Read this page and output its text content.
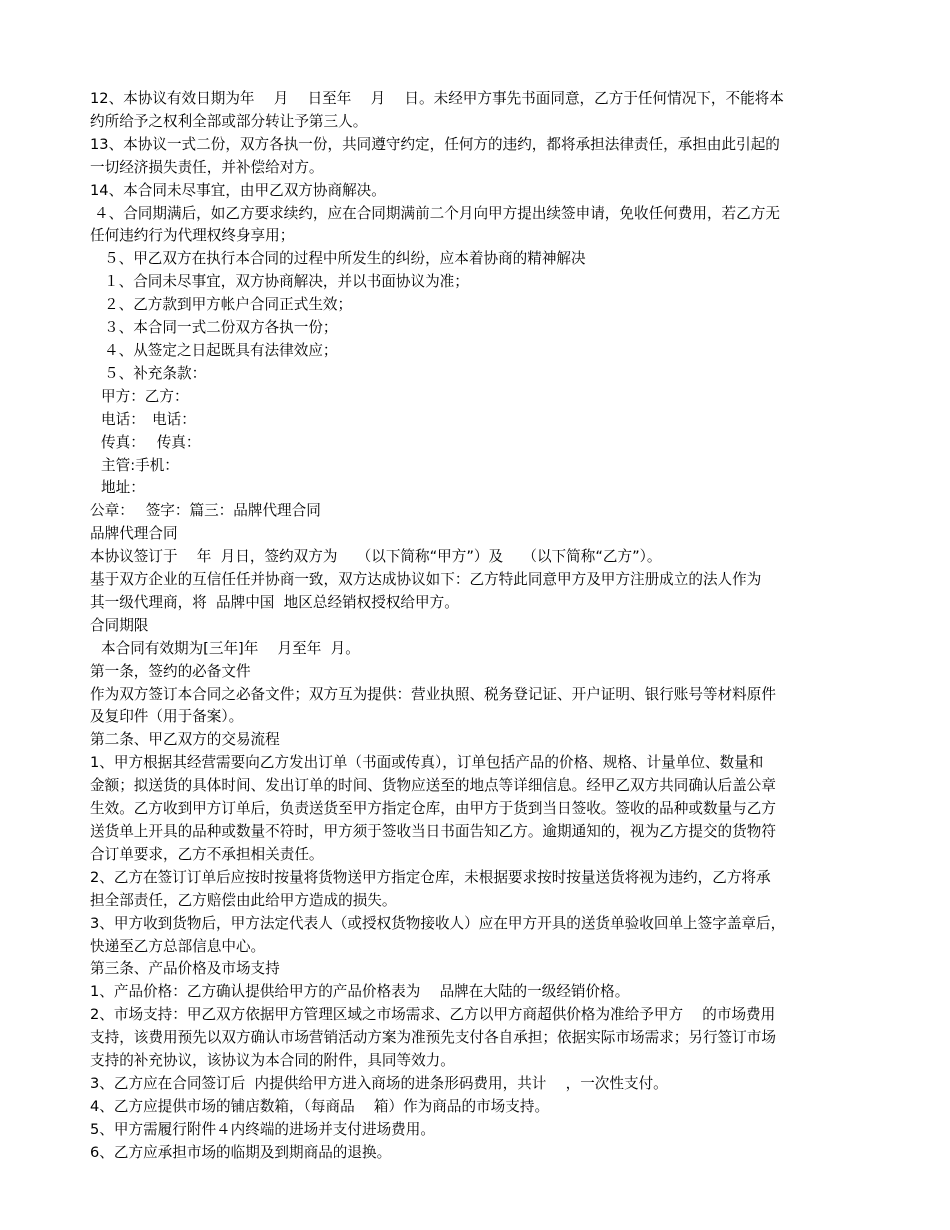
12、本协议有效日期为年　 月　 日至年　 月　 日。未经甲方事先书面同意，乙方于任何情况下，不能将本
约所给予之权利全部或部分转让予第三人。
13、本协议一式二份，双方各执一份，共同遵守约定，任何方的违约，都将承担法律责任，承担由此引起的
一切经济损失责任，并补偿给对方。
14、本合同未尽事宜，由甲乙双方协商解决。
４、合同期满后，如乙方要求续约，应在合同期满前二个月向甲方提出续签申请，免收任何费用，若乙方无
任何违约行为代理权终身享用；
５、甲乙双方在执行本合同的过程中所发生的纠纷，应本着协商的精神解决
１、合同未尽事宜，双方协商解决，并以书面协议为准；
２、乙方款到甲方帐户合同正式生效；
３、本合同一式二份双方各执一份；
４、从签定之日起既具有法律效应；
５、补充条款：
甲方：乙方：
电话：　电话：
传真：　 传真：
主管:手机：
地址：
公章：　 签字：篇三：品牌代理合同
品牌代理合同
本协议签订于　 年  月日，签约双方为　 （以下简称“甲方”）及　 （以下简称“乙方”）。
基于双方企业的互信任任并协商一致，双方达成协议如下：乙方特此同意甲方及甲方注册成立的法人作为
其一级代理商，将  品牌中国  地区总经销权授权给甲方。
合同期限
本合同有效期为[三年]年　 月至年  月。
第一条，签约的必备文件
作为双方签订本合同之必备文件；双方互为提供：营业执照、税务登记证、开户证明、银行账号等材料原件
及复印件（用于备案）。
第二条、甲乙双方的交易流程
1、甲方根据其经营需要向乙方发出订单（书面或传真），订单包括产品的价格、规格、计量单位、数量和
金额；拟送货的具体时间、发出订单的时间、货物应送至的地点等详细信息。经甲乙双方共同确认后盖公章
生效。乙方收到甲方订单后，负责送货至甲方指定仓库，由甲方于货到当日签收。签收的品种或数量与乙方
送货单上开具的品种或数量不符时，甲方须于签收当日书面告知乙方。逾期通知的，视为乙方提交的货物符
合订单要求，乙方不承担相关责任。
2、乙方在签订订单后应按时按量将货物送甲方指定仓库，未根据要求按时按量送货将视为违约，乙方将承
担全部责任，乙方赔偿由此给甲方造成的损失。
3、甲方收到货物后，甲方法定代表人（或授权货物接收人）应在甲方开具的送货单验收回单上签字盖章后，
快递至乙方总部信息中心。
第三条、产品价格及市场支持
1、产品价格：乙方确认提供给甲方的产品价格表为　 品牌在大陆的一级经销价格。
2、市场支持：甲乙双方依据甲方管理区域之市场需求、乙方以甲方商超供价格为准给予甲方　 的市场费用
支持，该费用预先以双方确认市场营销活动方案为准预先支付各自承担；依据实际市场需求；另行签订市场
支持的补充协议，该协议为本合同的附件，具同等效力。
3、乙方应在合同签订后  内提供给甲方进入商场的进条形码费用，共计　 ，一次性支付。
4、乙方应提供市场的铺店数箱，（每商品　 箱）作为商品的市场支持。
5、甲方需履行附件４内终端的进场并支付进场费用。
6、乙方应承担市场的临期及到期商品的退换。
